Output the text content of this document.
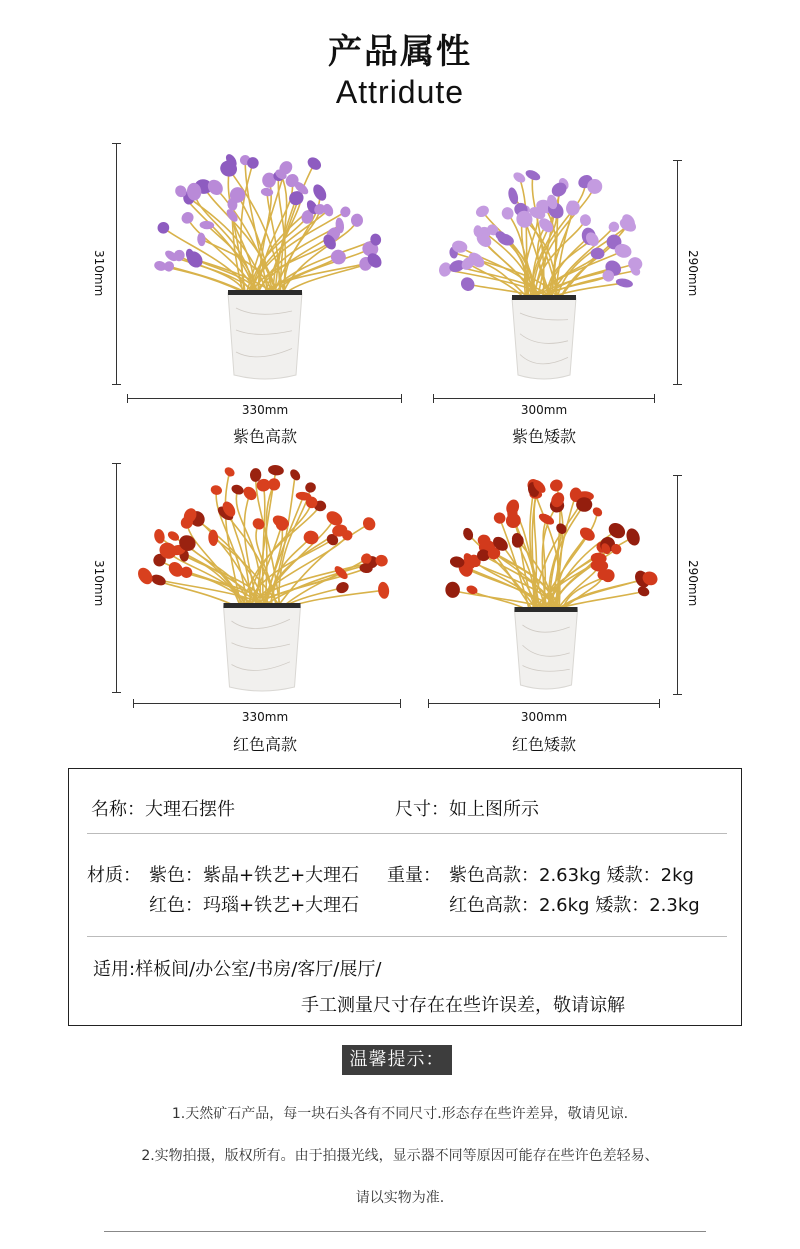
产品属性
Attridute
310mm
330mm
紫色高款
290mm
300mm
紫色矮款
310mm
330mm
红色高款
290mm
300mm
红色矮款
名称：大理石摆件	尺寸：如上图所示
材质： 紫色：紫晶+铁艺+大理石
红色：玛瑙+铁艺+大理石
重量： 紫色高款：2.63kg 矮款：2kg
红色高款：2.6kg 矮款：2.3kg
适用:样板间/办公室/书房/客厅/展厅/
手工测量尺寸存在在些许误差，敬请谅解
温馨提示：
1.天然矿石产品，每一块石头各有不同尺寸.形态存在些许差异，敬请见谅.
2.实物拍摄，版权所有。由于拍摄光线，显示器不同等原因可能存在些许色差轻易、
请以实物为准.
